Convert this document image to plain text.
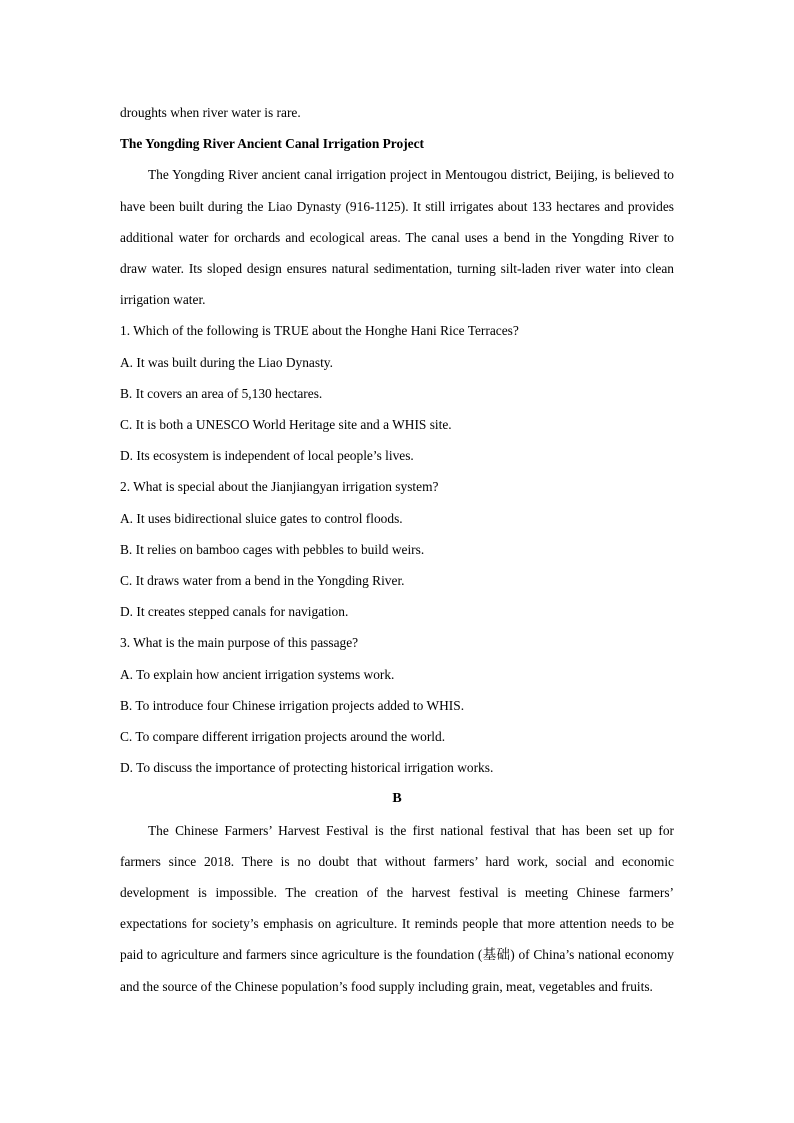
droughts when river water is rare.
The Yongding River Ancient Canal Irrigation Project

The Yongding River ancient canal irrigation project in Mentougou district, Beijing, is believed to have been built during the Liao Dynasty (916-1125). It still irrigates about 133 hectares and provides additional water for orchards and ecological areas. The canal uses a bend in the Yongding River to draw water. Its sloped design ensures natural sedimentation, turning silt-laden river water into clean irrigation water.

1. Which of the following is TRUE about the Honghe Hani Rice Terraces?
A. It was built during the Liao Dynasty.
B. It covers an area of 5,130 hectares.
C. It is both a UNESCO World Heritage site and a WHIS site.
D. Its ecosystem is independent of local people’s lives.
2. What is special about the Jianjiangyan irrigation system?
A. It uses bidirectional sluice gates to control floods.
B. It relies on bamboo cages with pebbles to build weirs.
C. It draws water from a bend in the Yongding River.
D. It creates stepped canals for navigation.
3. What is the main purpose of this passage?
A. To explain how ancient irrigation systems work.
B. To introduce four Chinese irrigation projects added to WHIS.
C. To compare different irrigation projects around the world.
D. To discuss the importance of protecting historical irrigation works.
B

The Chinese Farmers’ Harvest Festival is the first national festival that has been set up for farmers since 2018. There is no doubt that without farmers’ hard work, social and economic development is impossible. The creation of the harvest festival is meeting Chinese farmers’ expectations for society’s emphasis on agriculture. It reminds people that more attention needs to be paid to agriculture and farmers since agriculture is the foundation (基础) of China’s national economy and the source of the Chinese population’s food supply including grain, meat, vegetables and fruits.
